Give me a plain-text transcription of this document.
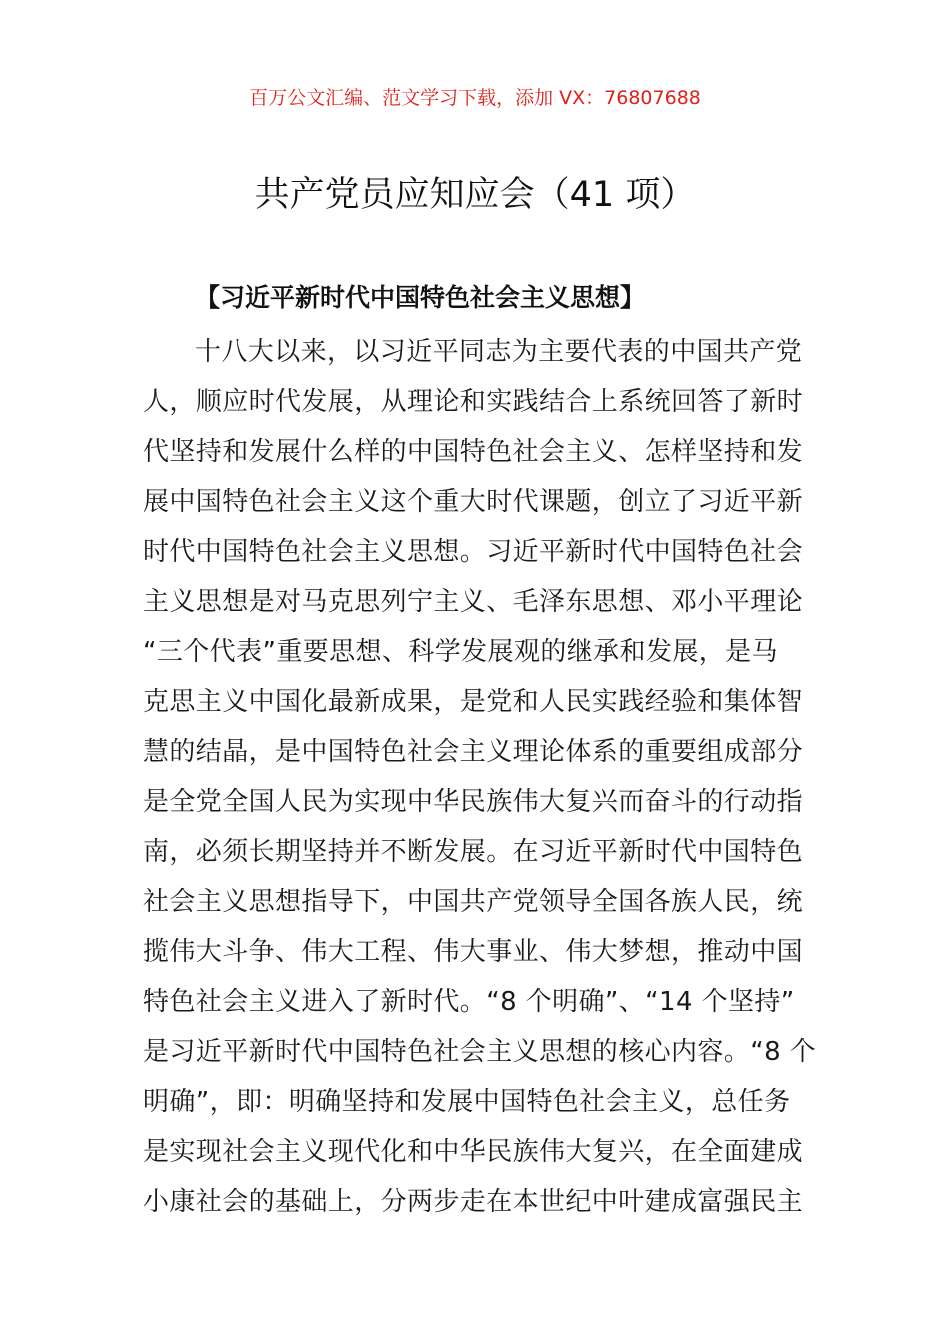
百万公文汇编、范文学习下载，添加 VX：76807688
共产党员应知应会（41 项）
【习近平新时代中国特色社会主义思想】
十八大以来，以习近平同志为主要代表的中国共产党
人，顺应时代发展，从理论和实践结合上系统回答了新时
代坚持和发展什么样的中国特色社会主义、怎样坚持和发
展中国特色社会主义这个重大时代课题，创立了习近平新
时代中国特色社会主义思想。习近平新时代中国特色社会
主义思想是对马克思列宁主义、毛泽东思想、邓小平理论
“三个代表”重要思想、科学发展观的继承和发展，是马
克思主义中国化最新成果，是党和人民实践经验和集体智
慧的结晶，是中国特色社会主义理论体系的重要组成部分
是全党全国人民为实现中华民族伟大复兴而奋斗的行动指
南，必须长期坚持并不断发展。在习近平新时代中国特色
社会主义思想指导下，中国共产党领导全国各族人民，统
揽伟大斗争、伟大工程、伟大事业、伟大梦想，推动中国
特色社会主义进入了新时代。“8 个明确”、“14 个坚持”
是习近平新时代中国特色社会主义思想的核心内容。“8 个
明确”，即：明确坚持和发展中国特色社会主义，总任务
是实现社会主义现代化和中华民族伟大复兴，在全面建成
小康社会的基础上，分两步走在本世纪中叶建成富强民主
